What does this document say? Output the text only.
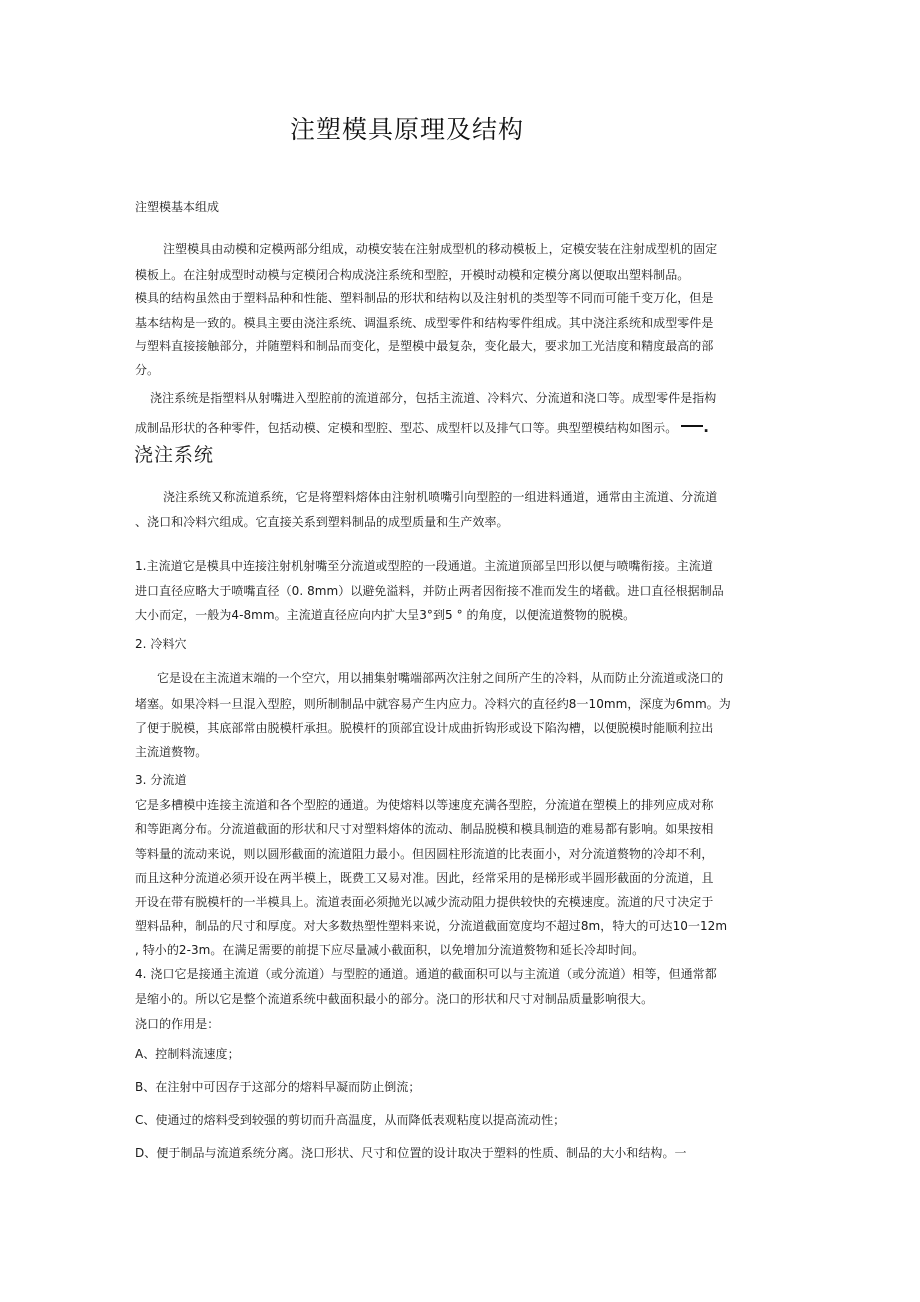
注塑模具原理及结构
注塑模基本组成
注塑模具由动模和定模两部分组成，动模安装在注射成型机的移动模板上，定模安装在注射成型机的固定
模板上。在注射成型时动模与定模闭合构成浇注系统和型腔，开模时动模和定模分离以便取出塑料制品。
模具的结构虽然由于塑料品种和性能、塑料制品的形状和结构以及注射机的类型等不同而可能千变万化，但是
基本结构是一致的。模具主要由浇注系统、调温系统、成型零件和结构零件组成。其中浇注系统和成型零件是
与塑料直接接触部分，并随塑料和制品而变化，是塑模中最复杂，变化最大，要求加工光洁度和精度最高的部
分。
浇注系统是指塑料从射嘴进入型腔前的流道部分，包括主流道、冷料穴、分流道和浇口等。成型零件是指构
成制品形状的各种零件，包括动模、定模和型腔、型芯、成型杆以及排气口等。典型塑模结构如图示。 .
浇注系统
浇注系统又称流道系统，它是将塑料熔体由注射机喷嘴引向型腔的一组进料通道，通常由主流道、分流道
、浇口和冷料穴组成。它直接关系到塑料制品的成型质量和生产效率。
1.主流道它是模具中连接注射机射嘴至分流道或型腔的一段通道。主流道顶部呈凹形以便与喷嘴衔接。主流道
进口直径应略大于喷嘴直径（0. 8mm）以避免溢料，并防止两者因衔接不准而发生的堵截。进口直径根据制品
大小而定，一般为4-8mm。主流道直径应向内扩大呈3°到5 ° 的角度，以便流道赘物的脱模。
2. 冷料穴
它是设在主流道末端的一个空穴，用以捕集射嘴端部两次注射之间所产生的冷料，从而防止分流道或浇口的
堵塞。如果冷料一旦混入型腔，则所制制品中就容易产生内应力。冷料穴的直径约8一10mm，深度为6mm。为
了便于脱模，其底部常由脱模杆承担。脱模杆的顶部宜设计成曲折钩形或设下陷沟槽，以便脱模时能顺利拉出
主流道赘物。
3. 分流道
它是多槽模中连接主流道和各个型腔的通道。为使熔料以等速度充满各型腔，分流道在塑模上的排列应成对称
和等距离分布。分流道截面的形状和尺寸对塑料熔体的流动、制品脱模和模具制造的难易都有影响。如果按相
等料量的流动来说，则以圆形截面的流道阻力最小。但因圆柱形流道的比表面小，对分流道赘物的冷却不利，
而且这种分流道必须开设在两半模上，既费工又易对准。因此，经常采用的是梯形或半圆形截面的分流道，且
开设在带有脱模杆的一半模具上。流道表面必须抛光以减少流动阻力提供较快的充模速度。流道的尺寸决定于
塑料品种，制品的尺寸和厚度。对大多数热塑性塑料来说，分流道截面宽度均不超过8m，特大的可达10一12m
, 特小的2-3m。在满足需要的前提下应尽量减小截面积，以免增加分流道赘物和延长冷却时间。
4. 浇口它是接通主流道（或分流道）与型腔的通道。通道的截面积可以与主流道（或分流道）相等，但通常都
是缩小的。所以它是整个流道系统中截面积最小的部分。浇口的形状和尺寸对制品质量影响很大。
浇口的作用是：
A、控制料流速度；
B、在注射中可因存于这部分的熔料早凝而防止倒流；
C、使通过的熔料受到较强的剪切而升高温度，从而降低表观粘度以提高流动性；
D、便于制品与流道系统分离。浇口形状、尺寸和位置的设计取决于塑料的性质、制品的大小和结构。一
